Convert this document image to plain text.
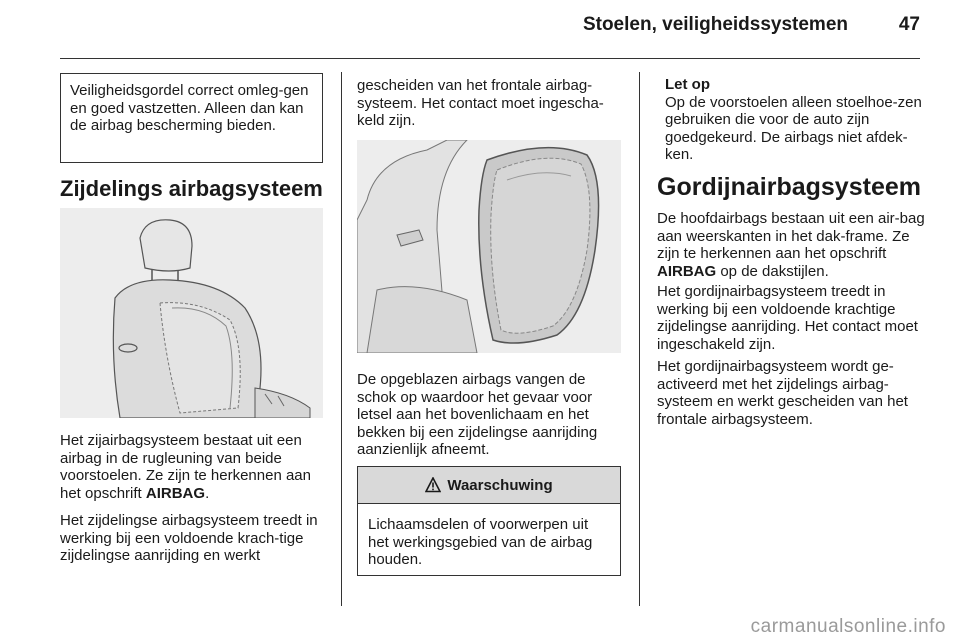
Stoelen, veiligheidssystemen	47

Veiligheidsgordel correct omleg-gen en goed vastzetten. Alleen dan kan de airbag bescherming bieden.

Zijdelings airbagsysteem

Het zijairbagsysteem bestaat uit een airbag in de rugleuning van beide voorstoelen. Ze zijn te herkennen aan het opschrift AIRBAG.

Het zijdelingse airbagsysteem treedt in werking bij een voldoende krach-tige zijdelingse aanrijding en werkt

gescheiden van het frontale airbag-systeem. Het contact moet ingescha-keld zijn.

De opgeblazen airbags vangen de schok op waardoor het gevaar voor letsel aan het bovenlichaam en het bekken bij een zijdelingse aanrijding aanzienlijk afneemt.

Waarschuwing

Lichaamsdelen of voorwerpen uit het werkingsgebied van de airbag houden.

Let op

Op de voorstoelen alleen stoelhoe-zen gebruiken die voor de auto zijn goedgekeurd. De airbags niet afdek-ken.

Gordijnairbagsysteem

De hoofdairbags bestaan uit een air-bag aan weerskanten in het dak-frame. Ze zijn te herkennen aan het opschrift AIRBAG op de dakstijlen.

Het gordijnairbagsysteem treedt in werking bij een voldoende krachtige zijdelingse aanrijding. Het contact moet ingeschakeld zijn.

Het gordijnairbagsysteem wordt ge-activeerd met het zijdelings airbag-systeem en werkt gescheiden van het frontale airbagsysteem.

carmanualsonline.info
